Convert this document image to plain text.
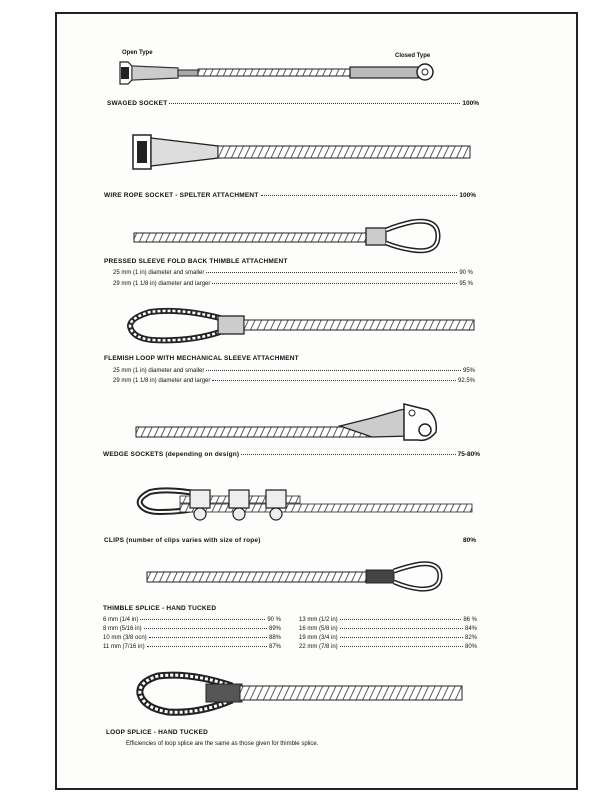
Open Type	Closed Type
SWAGED SOCKET	100%
WIRE ROPE SOCKET - SPELTER ATTACHMENT	100%
PRESSED SLEEVE FOLD BACK THIMBLE ATTACHMENT
25 mm (1 in) diameter and smaller	90 %
29 mm (1 1/8 in) diameter and larger	95 %
FLEMISH LOOP WITH MECHANICAL SLEEVE ATTACHMENT
25 mm (1 in) diameter and smaller	95%
29 mm (1 1/8 in) diameter and larger	92.5%
WEDGE SOCKETS (depending on design)	75-80%
CLIPS (number of clips varies with size of rope)	80%
THIMBLE SPLICE - HAND TUCKED
6 mm (1/4 in)	90 %
8 mm (5/16 in)	89%
10 mm (3/8 ocn)	88%
11 mm (7/16 in)	87%
13 mm (1/2 in)	86 %
16 mm (5/8 in)	84%
19 mm (3/4 in)	82%
22 mm (7/8 in)	80%
LOOP SPLICE - HAND TUCKED
Efficiencies of loop splice are the same as those given for thimble splice.
